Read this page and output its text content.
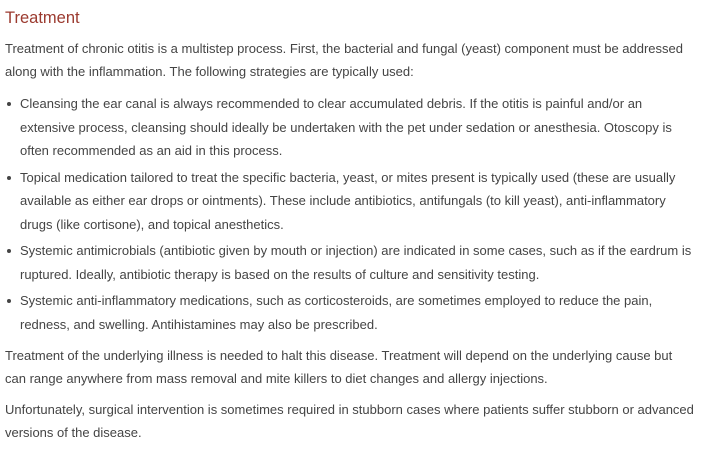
Treatment

Treatment of chronic otitis is a multistep process. First, the bacterial and fungal (yeast) component must be addressed along with the inflammation. The following strategies are typically used:

Cleansing the ear canal is always recommended to clear accumulated debris. If the otitis is painful and/or an extensive process, cleansing should ideally be undertaken with the pet under sedation or anesthesia. Otoscopy is often recommended as an aid in this process.
Topical medication tailored to treat the specific bacteria, yeast, or mites present is typically used (these are usually available as either ear drops or ointments). These include antibiotics, antifungals (to kill yeast), anti-inflammatory drugs (like cortisone), and topical anesthetics.
Systemic antimicrobials (antibiotic given by mouth or injection) are indicated in some cases, such as if the eardrum is ruptured. Ideally, antibiotic therapy is based on the results of culture and sensitivity testing.
Systemic anti-inflammatory medications, such as corticosteroids, are sometimes employed to reduce the pain, redness, and swelling. Antihistamines may also be prescribed.

Treatment of the underlying illness is needed to halt this disease. Treatment will depend on the underlying cause but can range anywhere from mass removal and mite killers to diet changes and allergy injections.

Unfortunately, surgical intervention is sometimes required in stubborn cases where patients suffer stubborn or advanced versions of the disease.
